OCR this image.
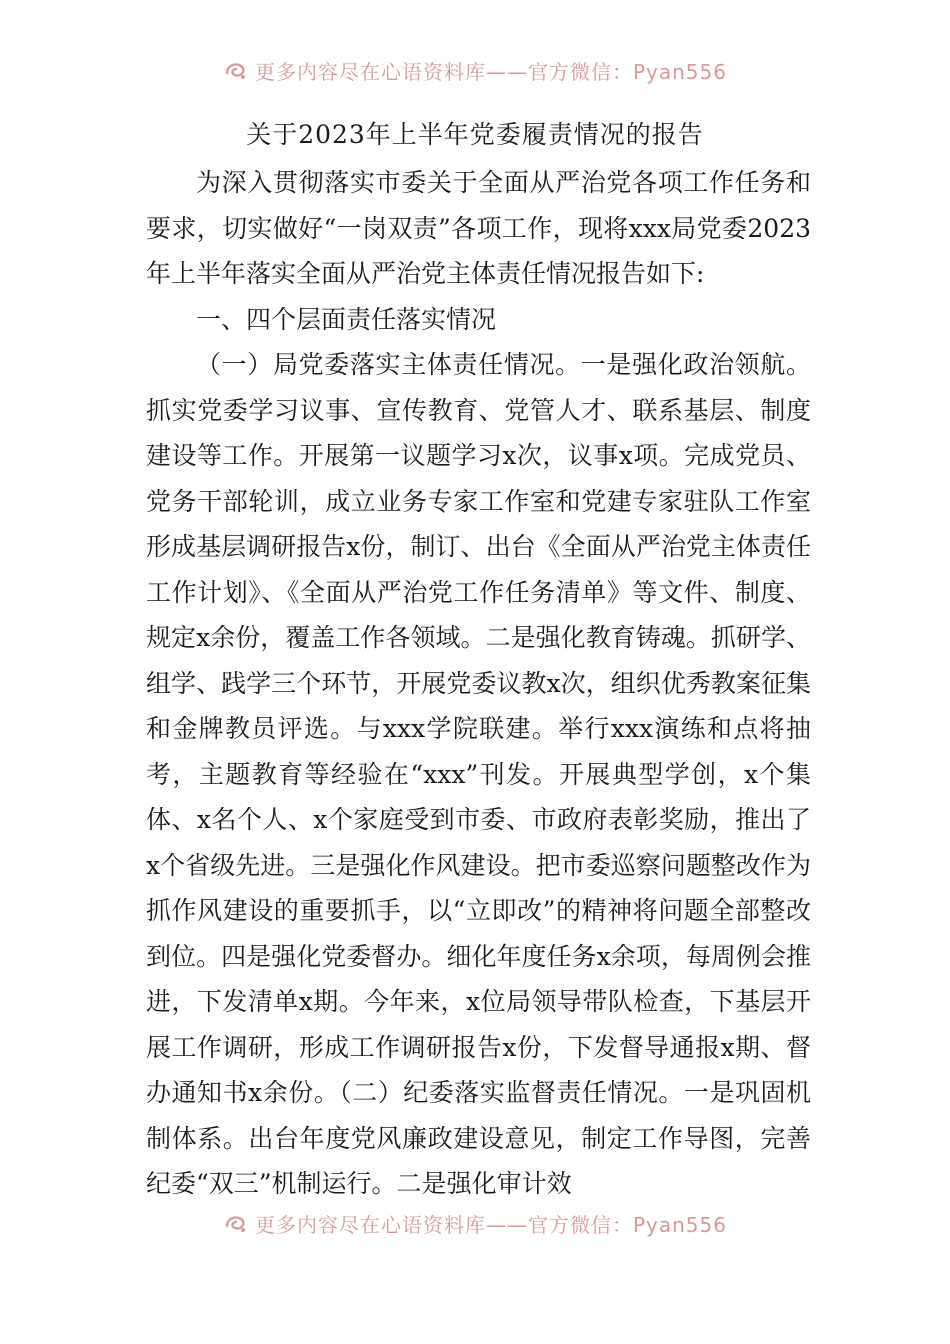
更多内容尽在心语资料库——官方微信：Pyan556
关于2023年上半年党委履责情况的报告

为深入贯彻落实市委关于全面从严治党各项工作任务和要求，切实做好“一岗双责”各项工作，现将xxx局党委2023年上半年落实全面从严治党主体责任情况报告如下:

一、四个层面责任落实情况

（一）局党委落实主体责任情况。一是强化政治领航。抓实党委学习议事、宣传教育、党管人才、联系基层、制度建设等工作。开展第一议题学习x次，议事x项。完成党员、党务干部轮训，成立业务专家工作室和党建专家驻队工作室形成基层调研报告x份，制订、出台《全面从严治党主体责任工作计划》、《全面从严治党工作任务清单》等文件、制度、规定x余份，覆盖工作各领域。二是强化教育铸魂。抓研学、组学、践学三个环节，开展党委议教x次，组织优秀教案征集和金牌教员评选。与xxx学院联建。举行xxx演练和点将抽考，主题教育等经验在“xxx”刊发。开展典型学创，x个集体、x名个人、x个家庭受到市委、市政府表彰奖励，推出了x个省级先进。三是强化作风建设。把市委巡察问题整改作为抓作风建设的重要抓手，以“立即改”的精神将问题全部整改到位。四是强化党委督办。细化年度任务x余项，每周例会推进，下发清单x期。今年来，x位局领导带队检查，下基层开展工作调研，形成工作调研报告x份，下发督导通报x期、督办通知书x余份。（二）纪委落实监督责任情况。一是巩固机制体系。出台年度党风廉政建设意见，制定工作导图，完善纪委“双三”机制运行。二是强化审计效

更多内容尽在心语资料库——官方微信：Pyan556
